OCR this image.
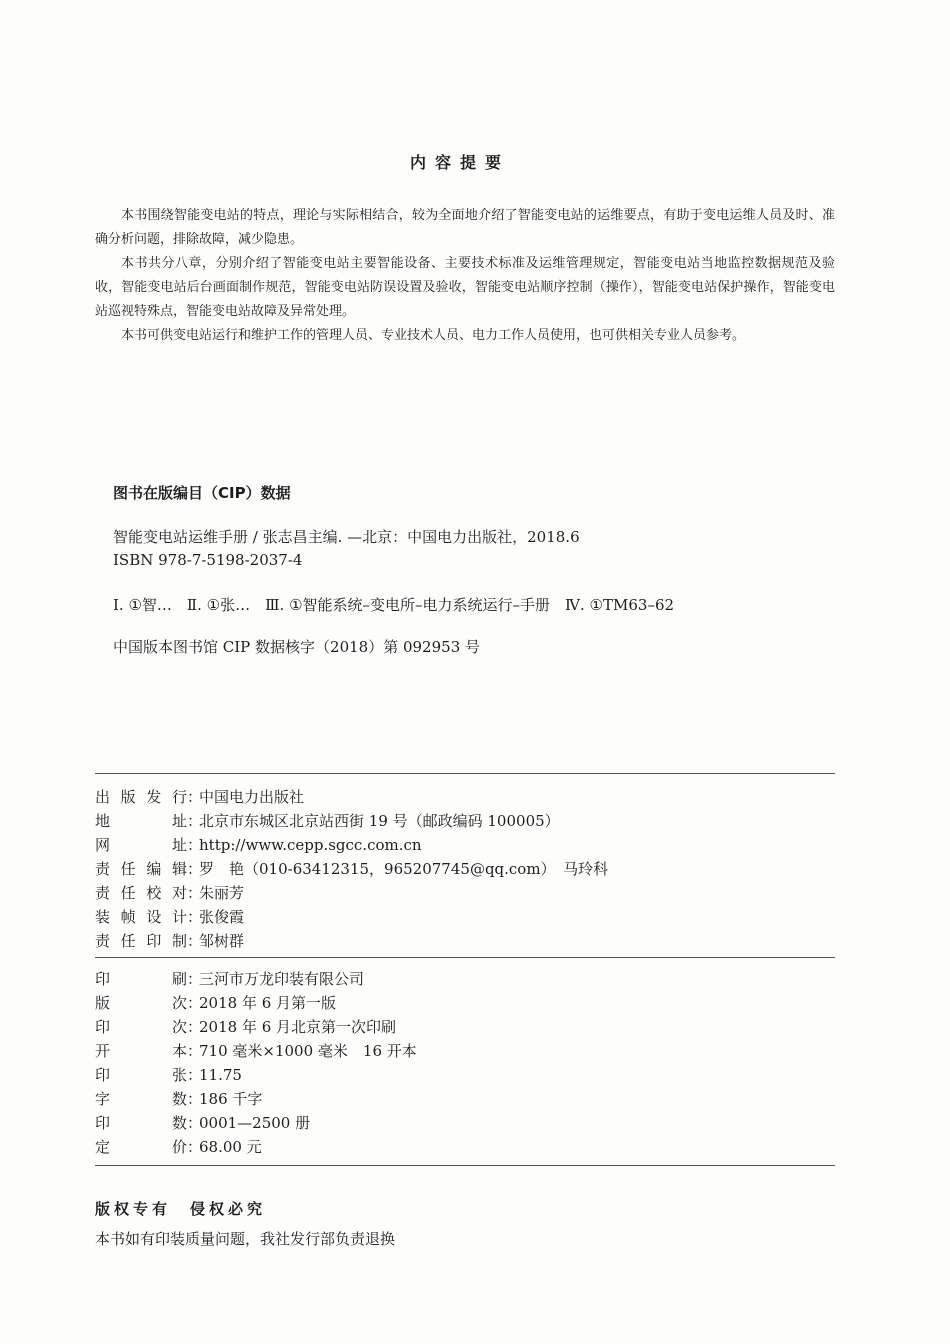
内容提要

本书围绕智能变电站的特点，理论与实际相结合，较为全面地介绍了智能变电站的运维要点，有助于变电运维人员及时、准确分析问题，排除故障，减少隐患。

本书共分八章，分别介绍了智能变电站主要智能设备、主要技术标准及运维管理规定，智能变电站当地监控数据规范及验收，智能变电站后台画面制作规范，智能变电站防误设置及验收，智能变电站顺序控制（操作），智能变电站保护操作，智能变电站巡视特殊点，智能变电站故障及异常处理。

本书可供变电站运行和维护工作的管理人员、专业技术人员、电力工作人员使用，也可供相关专业人员参考。

图书在版编目（CIP）数据
智能变电站运维手册 / 张志昌主编. —北京：中国电力出版社，2018.6
ISBN 978-7-5198-2037-4
Ⅰ. ①智…　Ⅱ. ①张…　Ⅲ. ①智能系统–变电所–电力系统运行–手册　Ⅳ. ①TM63–62
中国版本图书馆 CIP 数据核字（2018）第 092953 号
出版发行 ：
中国电力出版社
地址 ：
北京市东城区北京站西街 19 号（邮政编码 100005）
网址 ：
http://www.cepp.sgcc.com.cn
责任编辑 ：
罗　艳（010-63412315，965207745@qq.com）　马玲科
责任校对 ：
朱丽芳
装帧设计 ：
张俊霞
责任印制 ：
邹树群
印刷 ：
三河市万龙印装有限公司
版次 ：
2018 年 6 月第一版
印次 ：
2018 年 6 月北京第一次印刷
开本 ：
710 毫米×1000 毫米　16 开本
印张 ：
11.75
字数 ：
186 千字
印数 ：
0001—2500 册
定价 ：
68.00 元
版权专有　侵权必究
本书如有印装质量问题，我社发行部负责退换
